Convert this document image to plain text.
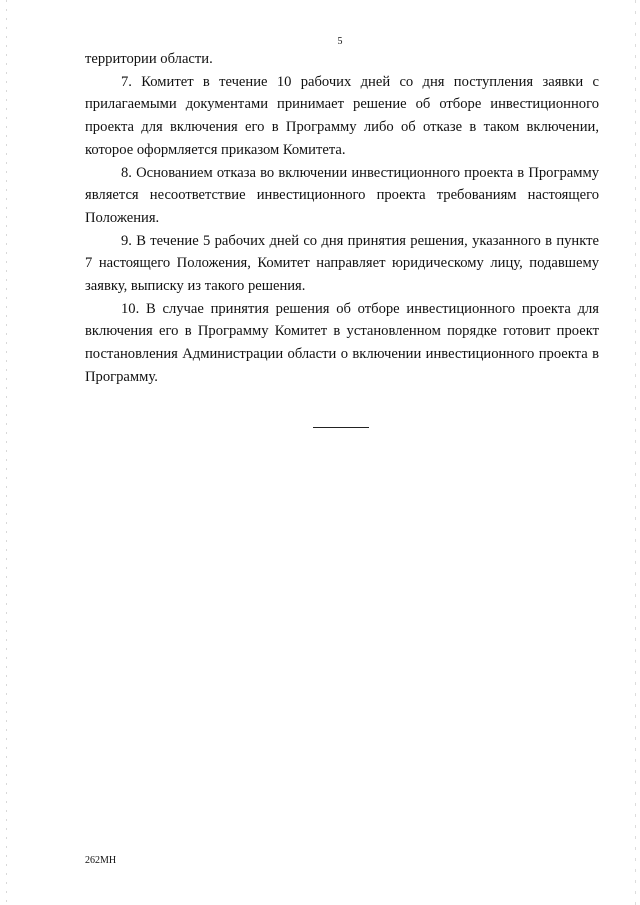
5

территории области.

7. Комитет в течение 10 рабочих дней со дня поступления заявки с прилагаемыми документами принимает решение об отборе инвестиционного проекта для включения его в Программу либо об отказе в таком включении, которое оформляется приказом Комитета.

8. Основанием отказа во включении инвестиционного проекта в Программу является несоответствие инвестиционного проекта требованиям настоящего Положения.

9. В течение 5 рабочих дней со дня принятия решения, указанного в пункте 7 настоящего Положения, Комитет направляет юридическому лицу, подавшему заявку, выписку из такого решения.

10. В случае принятия решения об отборе инвестиционного проекта для включения его в Программу Комитет в установленном порядке готовит проект постановления Администрации области о включении инвестиционного проекта в Программу.

262МН
